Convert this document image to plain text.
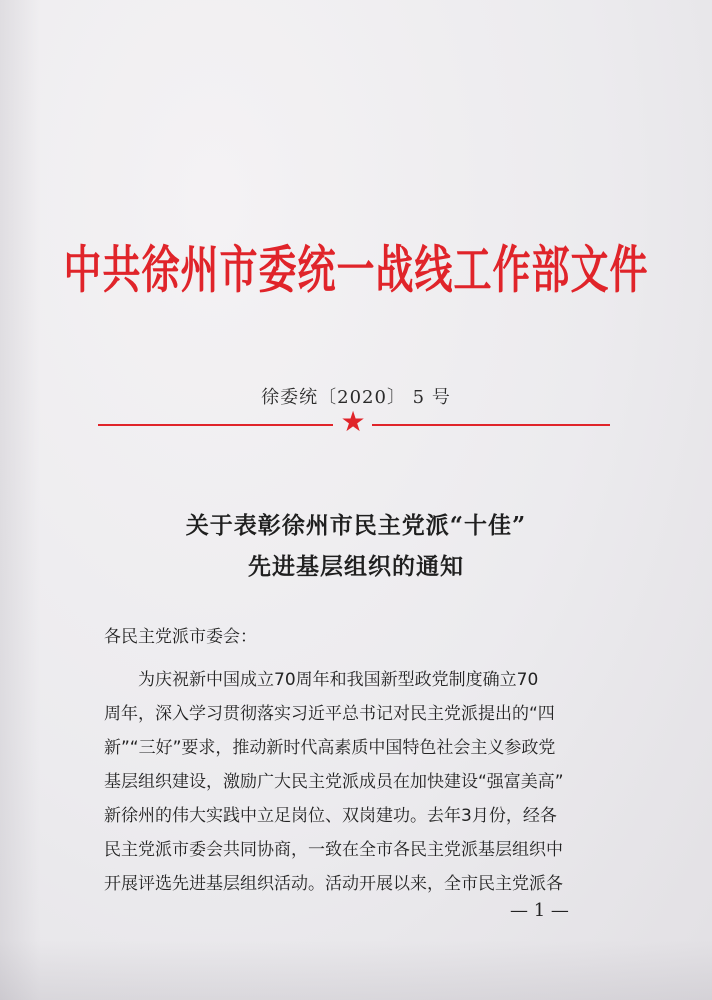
中共徐州市委统一战线工作部文件
徐委统〔2020〕 5 号
★
关于表彰徐州市民主党派“十佳”
先进基层组织的通知
各民主党派市委会：
为庆祝新中国成立70周年和我国新型政党制度确立70
周年，深入学习贯彻落实习近平总书记对民主党派提出的“四
新”“三好”要求，推动新时代高素质中国特色社会主义参政党
基层组织建设，激励广大民主党派成员在加快建设“强富美高”
新徐州的伟大实践中立足岗位、双岗建功。去年3月份，经各
民主党派市委会共同协商，一致在全市各民主党派基层组织中
开展评选先进基层组织活动。活动开展以来，全市民主党派各
— 1 —
